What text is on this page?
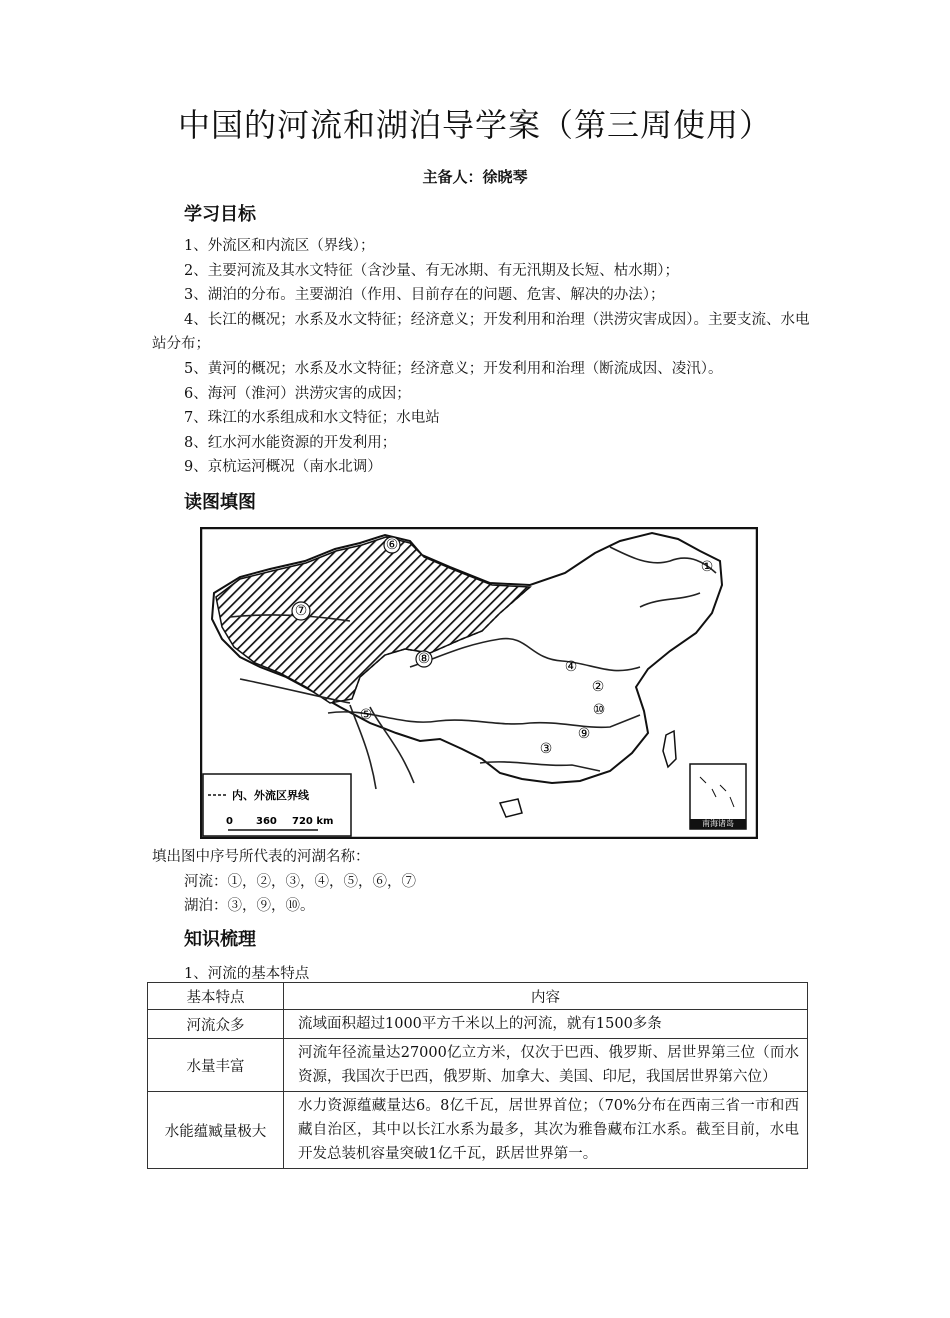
中国的河流和湖泊导学案（第三周使用）
主备人：徐晓琴
学习目标
1、外流区和内流区（界线）；
2、主要河流及其水文特征（含沙量、有无冰期、有无汛期及长短、枯水期）；
3、湖泊的分布。主要湖泊（作用、目前存在的问题、危害、解决的办法）；
4、长江的概况；水系及水文特征；经济意义；开发利用和治理（洪涝灾害成因）。主要支流、水电站分布；
5、黄河的概况；水系及水文特征；经济意义；开发利用和治理（断流成因、凌汛）。
6、海河（淮河）洪涝灾害的成因；
7、珠江的水系组成和水文特征；水电站
8、红水河水能资源的开发利用；
9、京杭运河概况（南水北调）
读图填图
⑥
⑦
⑧
①
④
②
⑩
⑤
⑨
③
内、外流区界线
0 360 720 km	南海诸岛
填出图中序号所代表的河湖名称：
河流：①，②，③，④，⑤，⑥，⑦
湖泊：③，⑨，⑩。
知识梳理
1、河流的基本特点
基本特点	内容
河流众多	流域面积超过1000平方千米以上的河流，就有1500多条
水量丰富	河流年径流量达27000亿立方米，仅次于巴西、俄罗斯、居世界第三位（而水资源，我国次于巴西，俄罗斯、加拿大、美国、印尼，我国居世界第六位）
水能蕴臧量极大	水力资源蕴藏量达6。8亿千瓦，居世界首位；（70%分布在西南三省一市和西藏自治区，其中以长江水系为最多，其次为雅鲁藏布江水系。截至目前，水电开发总装机容量突破1亿千瓦，跃居世界第一。
